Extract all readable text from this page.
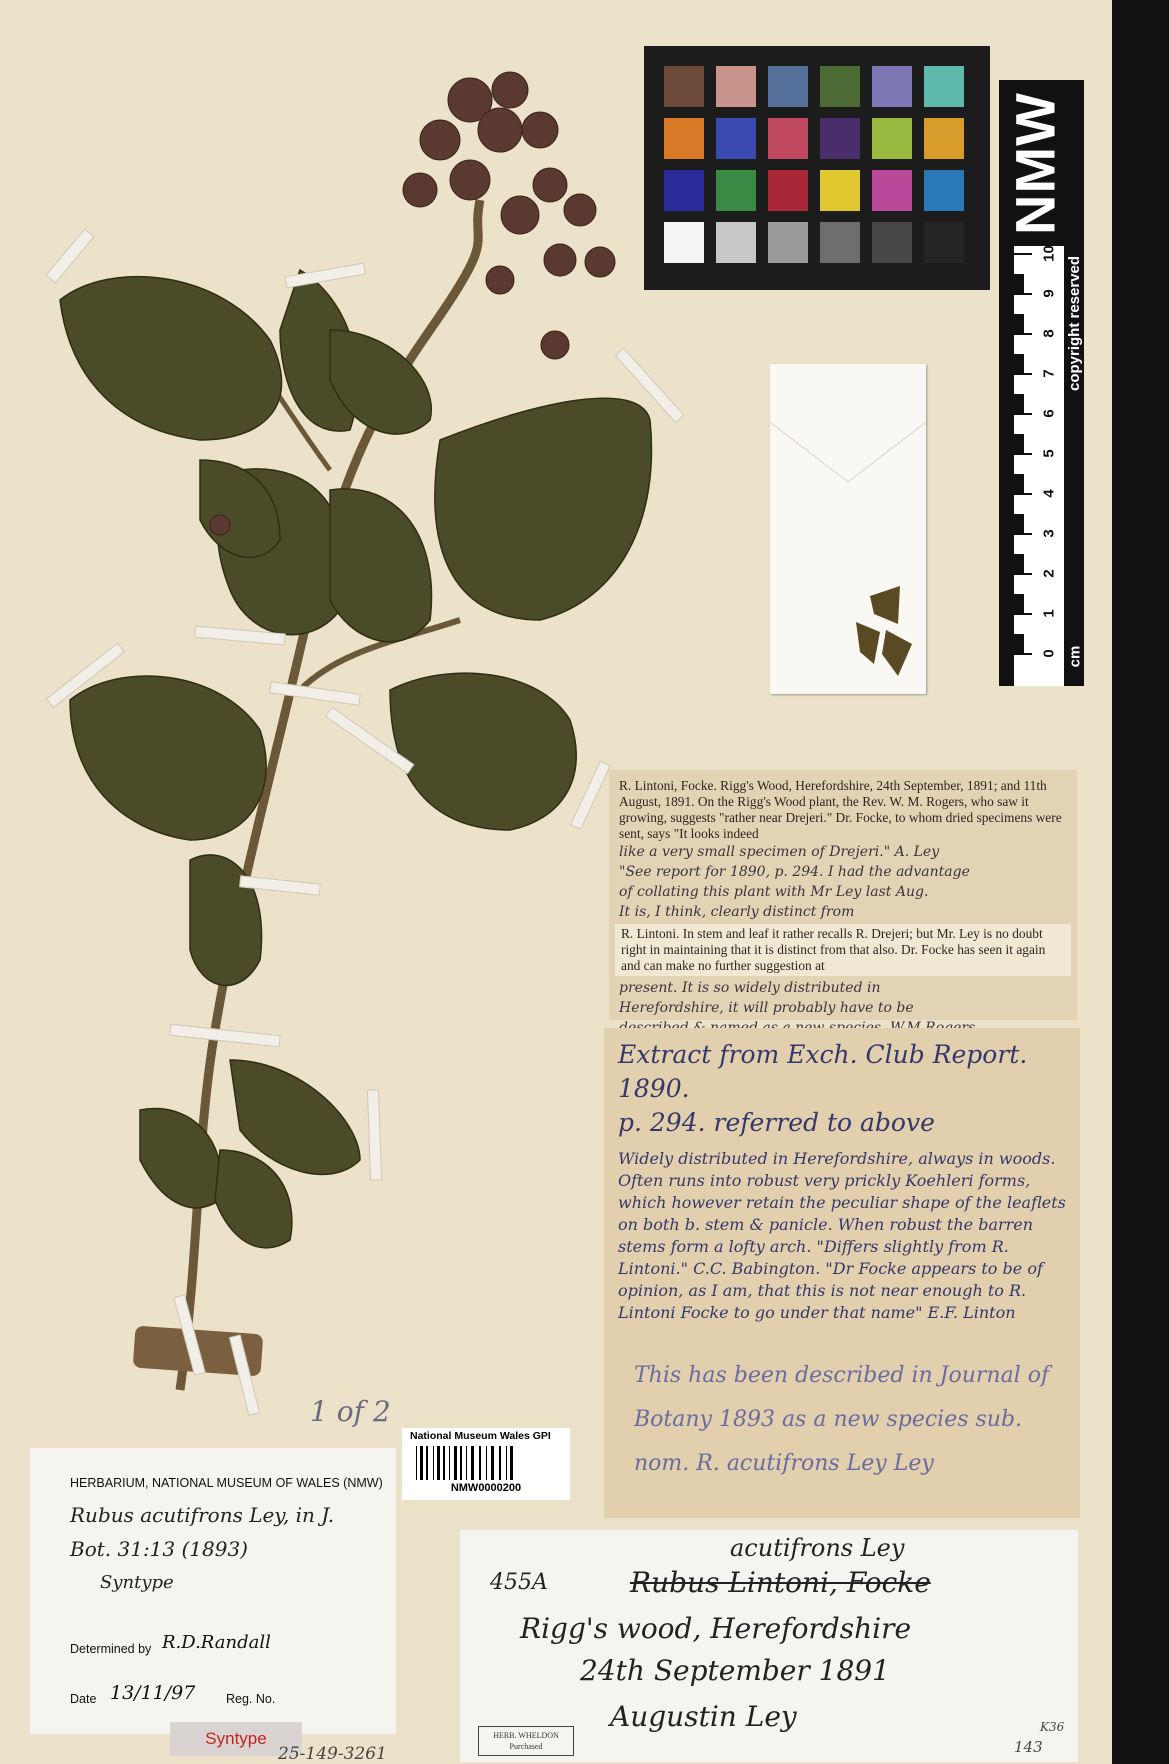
NMW
copyright reserved
0
1
2
3
4
5
6
7
8
9
10
cm
R. Lintoni, Focke. Rigg's Wood, Herefordshire, 24th September, 1891; and 11th August, 1891. On the Rigg's Wood plant, the Rev. W. M. Rogers, who saw it growing, suggests "rather near Drejeri." Dr. Focke, to whom dried specimens were sent, says "It looks indeed
like a very small specimen of Drejeri." A. Ley
"See report for 1890, p. 294. I had the advantage
of collating this plant with Mr Ley last Aug.
It is, I think, clearly distinct from
R. Lintoni. In stem and leaf it rather recalls R. Drejeri; but Mr. Ley is no doubt right in maintaining that it is distinct from that also. Dr. Focke has seen it again and can make no further suggestion at
present. It is so widely distributed in
Herefordshire, it will probably have to be
Extract from Exch. Club Report. 1890.
p. 294. referred to above
Widely distributed in Herefordshire, always in woods. Often runs into robust very prickly Koehleri forms, which however retain the peculiar shape of the leaflets on both b. stem & panicle. When robust the barren stems form a lofty arch. "Differs slightly from R. Lintoni." C.C. Babington. "Dr Focke appears to be of opinion, as I am, that this is not near enough to R. Lintoni Focke to go under that name" E.F. Linton
This has been described in Journal of Botany 1893 as a new species sub. nom. R. acutifrons Ley Ley
1 of 2
National Museum Wales GPI
NMW0000200
HERBARIUM, NATIONAL MUSEUM OF WALES (NMW)
Rubus acutifrons Ley, in J. Bot. 31:13 (1893)
Syntype
Determined by R.D.Randall
Date 13/11/97 Reg. No.
Syntype
acutifrons Ley
455A	Rubus Lintoni, Focke
Rigg's wood, Herefordshire
24th September 1891
Augustin Ley
HERB. WHELDON Purchased
25-149-3261	143
K36
